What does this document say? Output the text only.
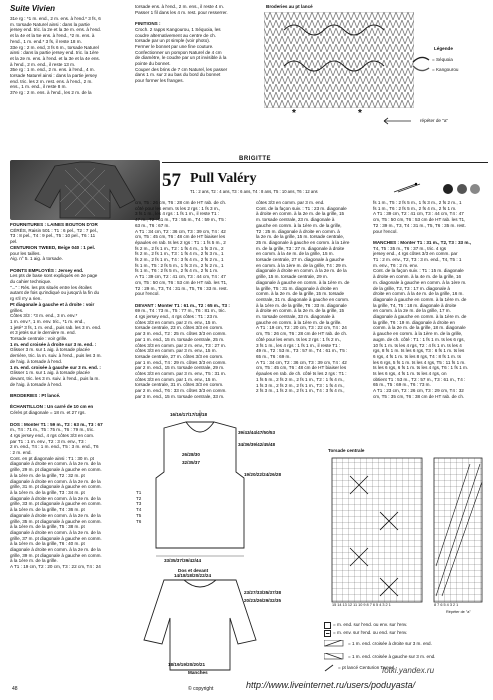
Suite Vivien
31e rg : *1 m. end., 2 m. ens. à l'end.* 3 fs, 6
m. torsade Naturel ainsi : dans la partie
jersey end. tric. la 2e et la 3e m. ens. à l'end.
et la 4e et la 5e ens. à l'end., *2 m. ens. à
l'end., 1 m. end.* 3 fs, il reste 18 m.
33e rg : 2 m. end, 3 fs 6 m., torsade Naturel
ainsi : dans la partie jersey end. tric. la 1ère
et la 2e m. ens. à l'end. et la 3e et la 4e ens.
à l'end., 2 m. end., il reste 13 m.
35e rg : 1 m. end., 2 m. ens. à l'end., 4 m.
torsade Naturel ainsi : dans la partie jersey
end. tric. les 2 m. rest. ens. à l'end., 2 m.
ens., 1 m. end., il reste 8 m.
37e rg : 2 m. ens. à l'end., les 2 m. de la
torsade ens. à l'end., 2 m. ens., il reste 4 m.
Passer 1 fil dans les 4 m. rest. pour resserrer.
FINITIONS :
Croch. 2 rapps Kangourou, 1 Séquoia, les
coudre alternativement au centre de ch.
torsade par un pt simple (voir photo).
Fermer le bonnet par une fine couture.
Confectionner un pompon Naturel de 4 cm
de diamètre, le coudre par un pt invisible à la
pointe du bonnet.
Couper des brins de 7 cm Naturel, les passer
dans 1 m. sur 2 au bas du bord du bonnet
pour former les franges.
Broderies au pt lancé
*	*
Légende
= Séquoia
= Kangourou
répéter de "a"
BRIGITTE
57 Pull Valéry
T1 : 2 ans, T2 : 4 ans, T3 : 6 ans, T4 : 8 ans, T5 : 10 ans, T6 : 12 ans
FOURNITURES : LAINES BOUTON D'OR
CÉRÈS, Raisin 501 : T1 : 6 pel., T2 : 7 pel.,
T3 : 8 pel., T4 : 9 pel., T5 : 10 pel., T6 : 11
pel.
CENTURION TWEED, Beige 040 : 1 pel.
pour les tailles.
Aig. n° 5. 1 aig. à torsade.
POINTS EMPLOYÉS : Jersey end.
Les pts de base sont expliqués en 2e page
du cahier technique.
"..." : Rés. les pts situés entre les étoiles
autant de fois qu'indiqué ou jusqu'à la fin du
rg s'il n'y a rien.
Pt diagonale à gauche et à droite : voir
grilles.
Côtes 3/3 : *3 m. end., 3 m. env.*
1 m. env.*, 1 m. env. tric., *1 m. end.,
1 jeté* 3 fs, 1 m. end., puis rab. les 3 m. end.
et 3 jetés sur le dernière m. end.
Torsade centrale : voir grille.
1 m. end croisée à droite sur 3 m. end. :
Glisser 3 m. sur 1 aig. à torsade placée
derrière, tric. la m. suiv. à l'end., puis les 3 m.
de l'aig. à torsade à l'end.
1 m. end. croisée à gauche sur 3 m. end. :
Glisser 1 m. sur 1 aig. à torsade placée
devant, tric. les 3 m. suiv. à l'end., puis la m.
de l'aig. à torsade à l'end.
BRODERIES : Pt lancé.
ÉCHANTILLON : Un carré de 10 cm en
Cérès pt diagonale = 18 m. et 27 rgs.
DOS : Monter T1 : 59 m., T2 : 63 m., T3 : 67
m., T4 : 71 m., T5 : 75 m., T6 : 79 m., tric.
4 rgs jersey end., 4 rgs côtes 3/3 en com.
par T1 : 1 m. env., T2 : 3 m. env., T3 :
2 m. end., T4 : 1 m. end., T5 : 3 m. end., T6
: 2 m. end.
Cont. en pt diagonale ainsi : T1 : 30 m. pt
diagonale à droite en comm. à la 2e m. de la
grille, 29 m. pt diagonale à gauche en comm.
à la 1ère m. de la grille, T2 : 32 m. pt
diagonale à droite en comm. à la 2e m. de la
grille, 31 m. pt diagonale à gauche en comm.
à la 1ère m. de la grille, T3 : 34 m. pt
diagonale à droite en comm. à la 2e m. de la
grille, 33 m. pt diagonale à gauche en comm.
à la 1ère m. de la grille, T4 : 36 m. pt
diagonale à droite en comm. à la 2e m. de la
grille, 35 m. pt diagonale à gauche en comm.
à la 1ère m. de la grille, T5 : 38 m. pt
diagonale à droite en comm. à la 2e m. de la
grille, 37 m. pt diagonale à gauche en comm.
à la 1ère m. de la grille, T6 : 40 m. pt
diagonale à droite en comm. à la 2e m. de la
grille, 39 m. pt diagonale à gauche en comm.
à la 1ère m. de la grille.
A T1 : 19 cm, T2 : 20 cm, T3 : 22 cm, T4 : 24
cm, T5 : 26 cm, T6 : 28 cm de HT rab. de ch.
côté pour les emm. ts les 2 rgs : 1 fs 3 m.,
3 fs 1 m., les 4 rgs : 1 fs 1 m., il reste T1 :
47 m., T2 : 51 m., T3 : 55 m., T4 : 59 m., T5 :
63 m., T6 : 67 m.
A T1 : 34 cm, T2 : 36 cm, T3 : 39 cm, T4 : 42
cm, T5 : 45 cm, T6 : 48 cm de HT biaiser les
épaules en rab. ts les 2 rgs : T1 : 1 fs 5 m., 2
fs 2 m., 2 fs 1 m., T2 : 1 fs 4 m., 1 fs 3 m., 2
fs 2 m., 2 fs 1 m., T3 : 1 fs 4 m., 2 fs 3 m., 1
fs 2 m., 2 fs 1 m., T4 : 3 fs 4 m., 2 fs 2 m., 1
fs 1 m., T5 : 2 fs 5 m., 1 fs 3 m., 2 fs 2 m., 1
fs 1 m., T6 : 2 fs 5 m., 2 fs 4 m., 2 fs 1 m.
A T1 : 39 cm, T2 : 41 cm, T3 : 44 cm, T4 : 47
cm, T5 : 50 cm, T6 : 53 cm de HT rab. les T1,
T2 : 29 m., T3, T4 : 31 m., T5, T6 : 33 m. rest.
pour l'encol.
DEVANT : Monter T1 : 61 m., T2 : 65 m., T3 :
69 m., T4 : 73 m., T5 : 77 m., T6 : 81 m., tric.
4 rgs jersey end., 4 rgs côtes : T1 : 23 m.
côtes 3/3 en comm. par 2 m. env., 15 m.
torsade centrale, 23 m. côtes 3/3 en comm.
par 3 m. end., T2 : 25 m. côtes 3/3 en comm.
par 1 m. end., 15 m. torsade centrale, 25 m.
côtes 3/3 en comm. par 2 m. env., T3 : 27 m.
côtes 3/3 en comm. par 3 m. env., 15 m.
torsade centrale, 27 m. côtes 3/3 en comm.
par 1 m. end., T4 : 29 m. côtes 3/3 en comm.
par 2 m. end., 15 m. torsade centrale, 29 m.
côtes 3/3 en comm. par 3 m. env., T5 : 31 m.
côtes 3/3 en comm. par 1 m. env., 15 m.
torsade centrale, 31 m. côtes 3/3 en comm.
par 2 m. end., T6 : 33 m. côtes 3/3 en comm.
par 3 m. end., 15 m. torsade centrale, 33 m.
côtes 3/3 en comm. par 3 m. end.
Cont. de la façon suiv. : T1 : 23 m. diagonale
à droite en comm. à la 2e m. de la grille, 15
m. torsade centrale, 23 m. diagonale à
gauche en comm. à la 1ère m. de la grille,
T2 : 25 m. diagonale à droite en comm. à
la 2e m. de la grille, 15 m. torsade centrale,
25 m. diagonale à gauche en comm. à la 1ère
m. de la grille, T3 : 27 m. diagonale à droite
en comm. à la 4e m. de la grille, 15 m.
torsade centrale, 27 m. diagonale à gauche
en comm. à la 1ère m. de la grille, T4 : 29 m.
diagonale à droite en comm. à la 2e m. de la
grille, 15 m. torsade centrale, 29 m.
diagonale à gauche en comm. à la 1ère m. de
la grille, T5 : 31 m. diagonale à droite en
comm. à la 2e m. de la grille, 15 m. torsade
centrale, 31 m. diagonale à gauche en comm.
à la 1ère m. de la grille, T6 : 33 m. diagonale
à droite en comm. à la 2e m. de la grille, 15
m. torsade centrale, 33 m. diagonale à
gauche en comm. à la 1ère m. de la grille.
A T1 : 19 cm, T2 : 20 cm, T3 : 22 cm, T4 : 24
cm, T5 : 26 cm, T6 : 28 cm de HT rab. de ch.
côté pour les emm. ts les 2 rgs : 1 fs 2 m.,
3 fs 1 m., les 4 rgs : 1 fs 1 m., il reste T1 :
49 m., T2 : 53 m., T3 : 57 m., T4 : 61 m., T5 :
65 m., T6 : 69 m.
A T1 : 34 cm, T2 : 36 cm, T3 : 39 cm, T4 : 42
cm, T5 : 45 cm, T6 : 48 cm de HT biaiser les
épaules en rab. de ch. côté ts les 2 rgs : T1 :
1 fs 5 m., 2 fs 2 m., 2 fs 1 m., T2 : 1 fs 4 m.,
1 fs 3 m., 2 fs 2 m., 2 fs 1 m., T3 : 1 fs 4 m.,
2 fs 3 m., 1 fs 2 m., 2 fs 1 m., T4 : 3 fs 4 m.,
fs 1 m., T5 : 2 fs 5 m., 1 fs 3 m., 2 fs 2 m., 1
fs 1 m., T6 : 2 fs 5 m., 2 fs 4 m., 2 fs 1 m.
A T1 : 39 cm, T2 : 41 cm, T3 : 44 cm, T4 : 47
cm, T5 : 50 cm, T6 : 53 cm de HT rab. les T1,
T2 : 39 m., T3, T4 : 31 m., T5, T6 : 35 m. rest.
pour l'encol.
MANCHES : Monter T1 : 31 m., T2, T3 : 33 m.,
T4, T5 : 35 m., T6 : 37 m., tric. 4 rgs
jersey end., 4 rgs côtes 3/3 en comm. par
T1 : 2 m. env., T2, T3 : 3 m. end., T4, T5 : 1
m. env., T6 : 2 m. env.
Cont. de la façon suiv. : T1 : 15 m. diagonale
à droite en comm. à la 4e m. de la grille, 16
m. diagonale à gauche en comm. à la 1ère m.
de la grille, T2, T3 : 17 m. diagonale à
droite en comm. à la 4e m. de la grille, 16 m.
diagonale à gauche en comm. à la 1ère m. de
la grille, T4, T5 : 18 m. diagonale à droite
en comm. à la 2e m. de la grille, 17 m.
diagonale à gauche en comm. à la 1ère m. de
la grille, T6 : 19 m. diagonale à droite en
comm. à la 2e m. de la grille, 18 m. diagonale
à gauche en comm. à la 1ère m. de la grille,
augm. de ch. côté : T1 : 1 fs 1 m. ts les 6 rgs,
10 fs 1 m. ts les 4 rgs, T2 : 4 fs 1 m. ts les 4
rgs, 8 fs 1 m. ts les 6 rgs, T3 : 6 fs 1 m. ts les
6 rgs, 4 fs 1 m. ts les 8 rgs, T4 : 8 fs 1 m. ts
les 6 rgs, 5 fs 1 m. ts les 4 rgs, T5 : 11 fs 1 m.
ts les 6 rgs, 6 fs 1 m. ts les 4 rgs, T6 : 1 fs 1 m.
ts les 6 rgs, 4 fs 1 m. ts les 4 rgs, on
obtient T1 : 53 m., T2 : 57 m., T3 : 61 m., T4 :
65 m., T5 : 69 m., T6 : 73 m.
A T1 : 23 cm, T2 : 26 cm, T3 : 29 cm, T4 : 32
cm, T5 : 35 cm, T6 : 38 cm de HT rab. de ch.
16/16/17/17/18/18
39/43/44/47/50/53
34/36/39/42/45/48
26/28/30
32/35/37
19/20/22/24/26/28
33/35/37/39/42/44
Dos et devant
14/18/18/20/22/24
23/27/33/35/37/38
20/23/26/29/32/35
18/19/19/20/20/21
Manches
T1
T2
T3
T4
T5
T6
Torsade centrale
15 14 13 12 11 10 9 8 7 6 5 4 3 2 1	8 7 6 5 4 3 2 1
Répéter de "a"
= m. end. sur l'end. ou env. sur l'env.
= m. env. sur l'end. ou end. sur l'env.
= 1 m. end. croisée à droite sur 3 m. end.
= 1 m. end. croisée à gauche sur 3 m. end.
= pt lancé Centurion Tweed
fotki.yandex.ru
48	© copyright	http://www.liveinternet.ru/users/poduyasta/
